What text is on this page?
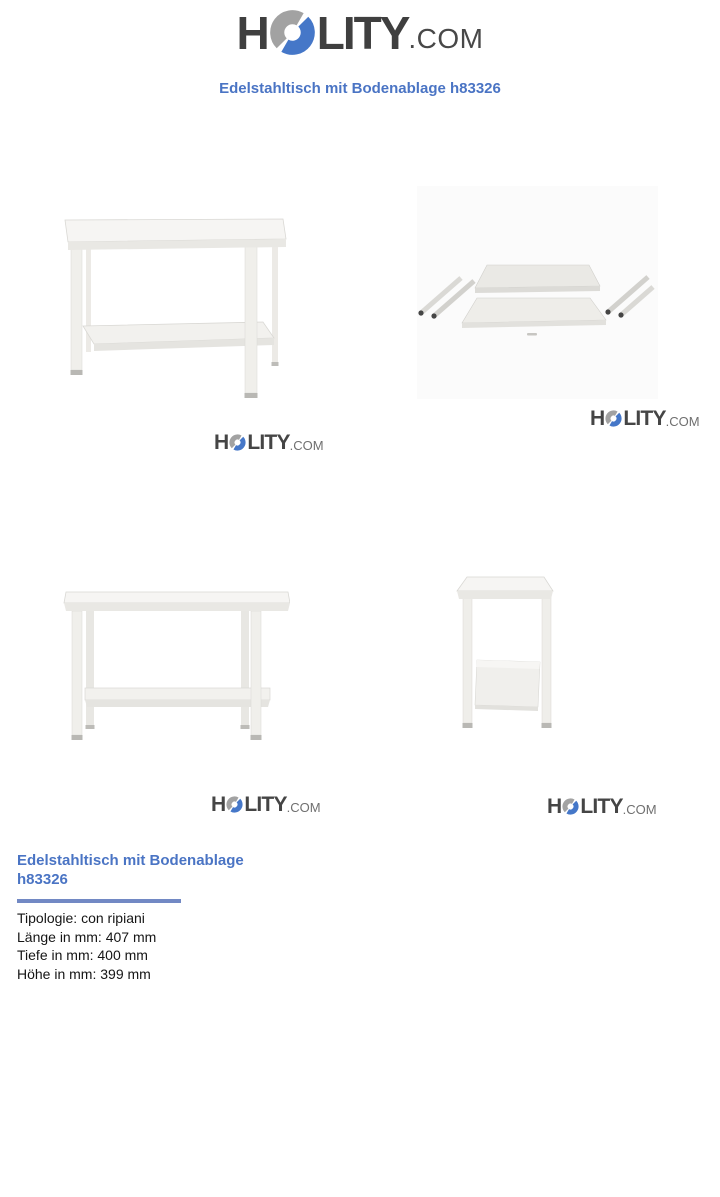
H LITY .COM
Edelstahltisch mit Bodenablage h83326
H LITY .COM
H LITY .COM
H LITY .COM	H LITY .COM
Edelstahltisch mit Bodenablage
h83326
Tipologie: con ripiani
Länge in mm: 407 mm
Tiefe in mm: 400 mm
Höhe in mm: 399 mm
